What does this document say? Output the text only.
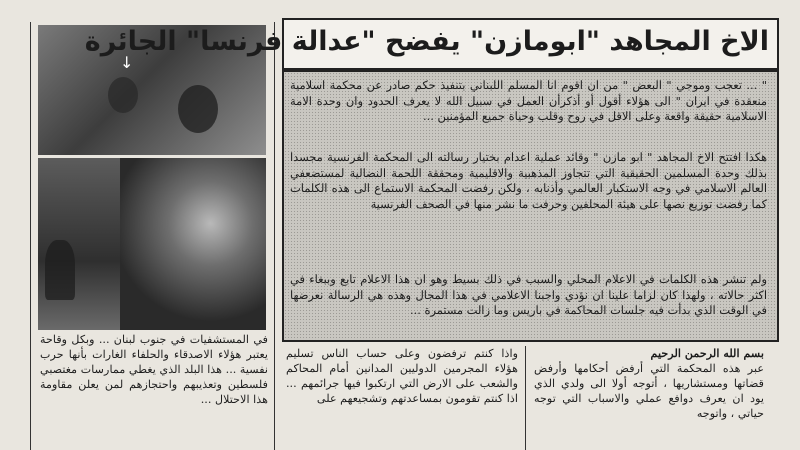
↓
الاخ المجاهد "ابومازن" يفضح "عدالة فرنسا" الجائرة
" ... تعجب وموجي " البعض " من ان اقوم انا المسلم اللبناني بتنفيذ حكم صادر عن محكمة اسلامية منعقدة في ايران " الى هؤلاء أقول أو أذكرأن العمل في سبيل الله لا يعرف الحدود وان وحدة الامة الاسلامية حقيقة واقعة وعلى الاقل في روح وقلب وحياة جميع المؤمنين ...
هكذا افتتح الاخ المجاهد " ابو مازن " وقائد عملية اعدام بختيار رسالته الى المحكمة الفرنسية مجسدا بذلك وحدة المسلمين الحقيقية التي تتجاوز المذهبية والاقليمية ومحققة اللحمة النضالية لمستضعفي العالم الاسلامي في وجه الاستكبار العالمي وأذنابه ، ولكن رفضت المحكمة الاستماع الى هذه الكلمات كما رفضت توزيع نصها على هيئة المحلفين وحرفت ما نشر منها في الصحف الفرنسية
ولم تنشر هذه الكلمات في الاعلام المحلي والسبب في ذلك بسيط وهو ان هذا الاعلام تابع وببغاء في اكثر حالاته ، ولهذا كان لزاما علينا ان نؤدي واجبنا الاعلامي في هذا المجال وهذه هي الرسالة نعرضها في الوقت الذي بدأت فيه جلسات المحاكمة في باريس وما زالت مستمرة ...
في المستشفيات في جنوب لبنان ... وبكل وقاحة يعتبر هؤلاء الاصدقاء والحلفاء الغارات بأنها حرب نفسية ... هذا البلد الذي يغطي ممارسات مغتصبي فلسطين وتعذيبهم واحتجازهم لمن يعلن مقاومة هذا الاحتلال ...
واذا كنتم ترفضون وعلى حساب الناس تسليم هؤلاء المجرمين الدوليين المدانين أمام المحاكم والشعب على الارض التي ارتكبوا فيها جرائمهم ... اذا كنتم تقومون بمساعدتهم وتشجيعهم على
بسم الله الرحمن الرحيم
عبر هذه المحكمة التي أرفض أحكامها وأرفض قضاتها ومستشاريها ، أتوجه أولا الى ولدي الذي يود ان يعرف دوافع عملي والاسباب التي توجه حياتي ، واتوجه
